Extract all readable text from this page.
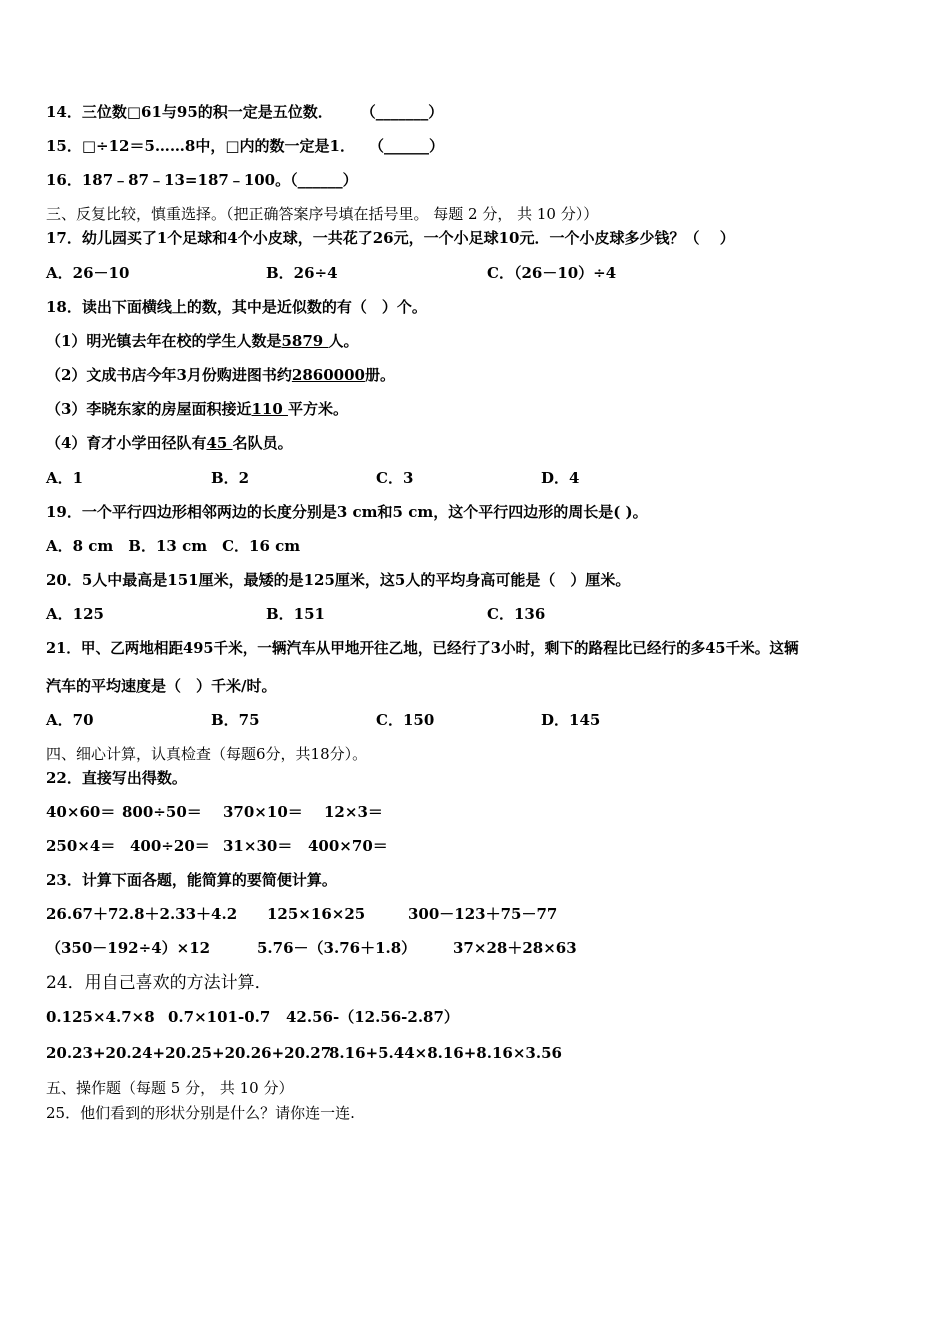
14．三位数□61与95的积一定是五位数． （_______）
15．□÷12＝5……8中，□内的数一定是1． （______）
16．187﹣87﹣13=187﹣100。（______）
三、反复比较，慎重选择。（把正确答案序号填在括号里。 每题 2 分， 共 10 分））
17．幼儿园买了1个足球和4个小皮球，一共花了26元，一个小足球10元．一个小皮球多少钱？（　 ）
A．26－10	B．26÷4	C．（26－10）÷4
18．读出下面横线上的数，其中是近似数的有（　）个。
（1）明光镇去年在校的学生人数是5879 人。
（2）文成书店今年3月份购进图书约2860000册。
（3）李晓东家的房屋面积接近110 平方米。
（4）育才小学田径队有45 名队员。
A．1	B．2	C．3	D．4
19．一个平行四边形相邻两边的长度分别是3 cm和5 cm，这个平行四边形的周长是( )。
A．8 cm　B．13 cm　C．16 cm
20．5人中最高是151厘米，最矮的是125厘米，这5人的平均身高可能是（　）厘米。
A．125	B．151	C．136
21．甲、乙两地相距495千米，一辆汽车从甲地开往乙地，已经行了3小时，剩下的路程比已经行的多45千米。这辆
汽车的平均速度是（　）千米/时。
A．70	B．75	C．150	D．145
四、细心计算，认真检查（每题6分，共18分）。
22．直接写出得数。
40×60＝ 800÷50＝ 370×10＝ 12×3＝
250×4＝ 400÷20＝ 31×30＝ 400×70＝
23．计算下面各题，能简算的要简便计算。
26.67＋72.8＋2.33＋4.2 125×16×25	300－123＋75－77
（350－192÷4）×12	5.76－（3.76＋1.8） 37×28＋28×63
24．用自己喜欢的方法计算．
0.125×4.7×8 0.7×101-0.7 42.56-（12.56-2.87）
20.23+20.24+20.25+20.26+20.27
8.16+5.44×8.16+8.16×3.56
五、操作题（每题 5 分， 共 10 分）
25．他们看到的形状分别是什么？请你连一连.
